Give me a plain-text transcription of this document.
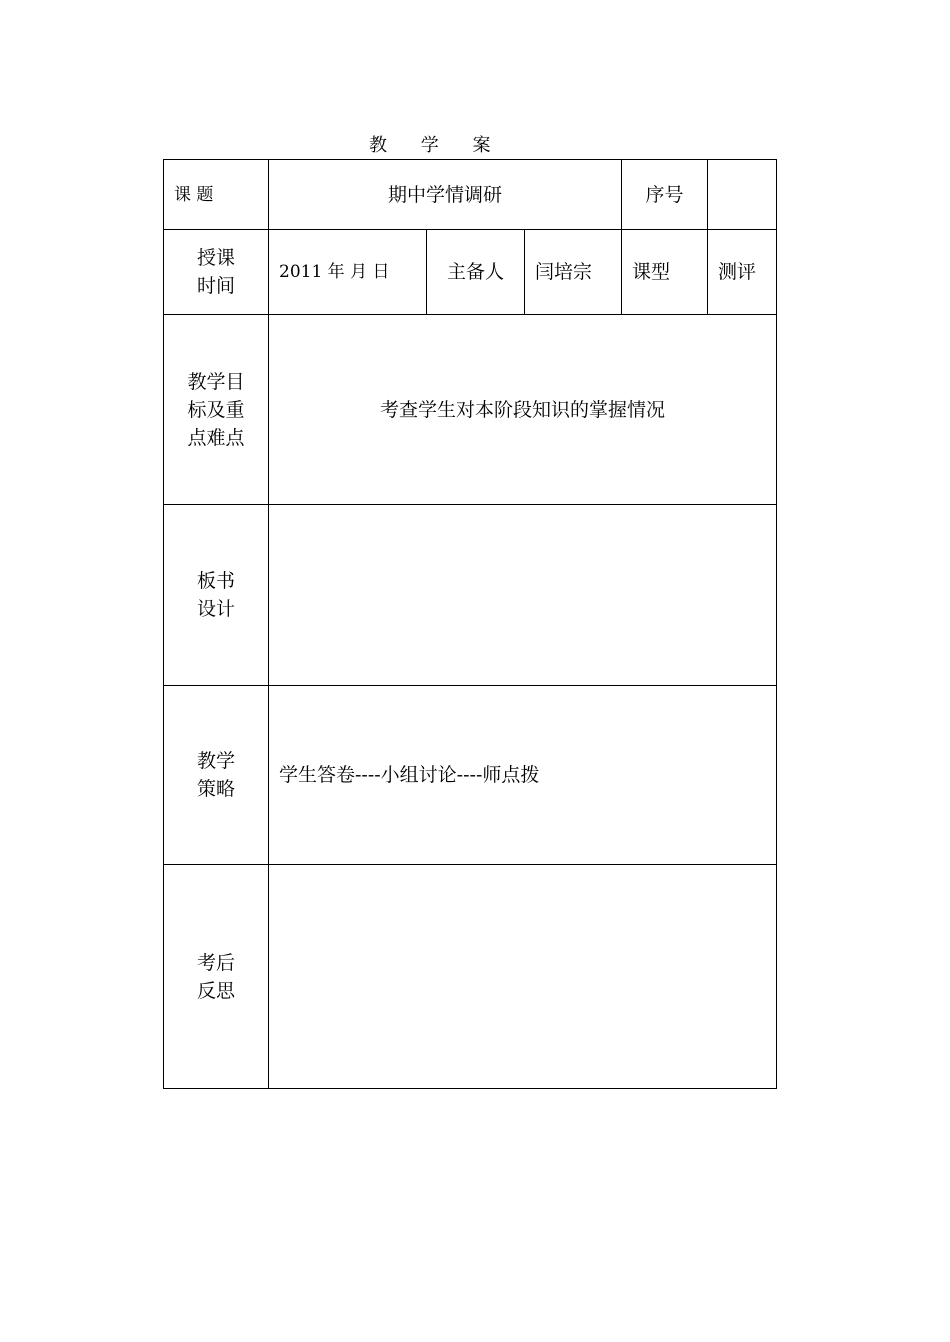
教 学 案
课 题	期中学情调研			序号	

授课
时间	2011 年 月 日	主备人	闫培宗	课型	测评

教学目
标及重
点难点	考查学生对本阶段知识的掌握情况				

板书
设计					

教学
策略	学生答卷----小组讨论----师点拨				

考后
反思					
